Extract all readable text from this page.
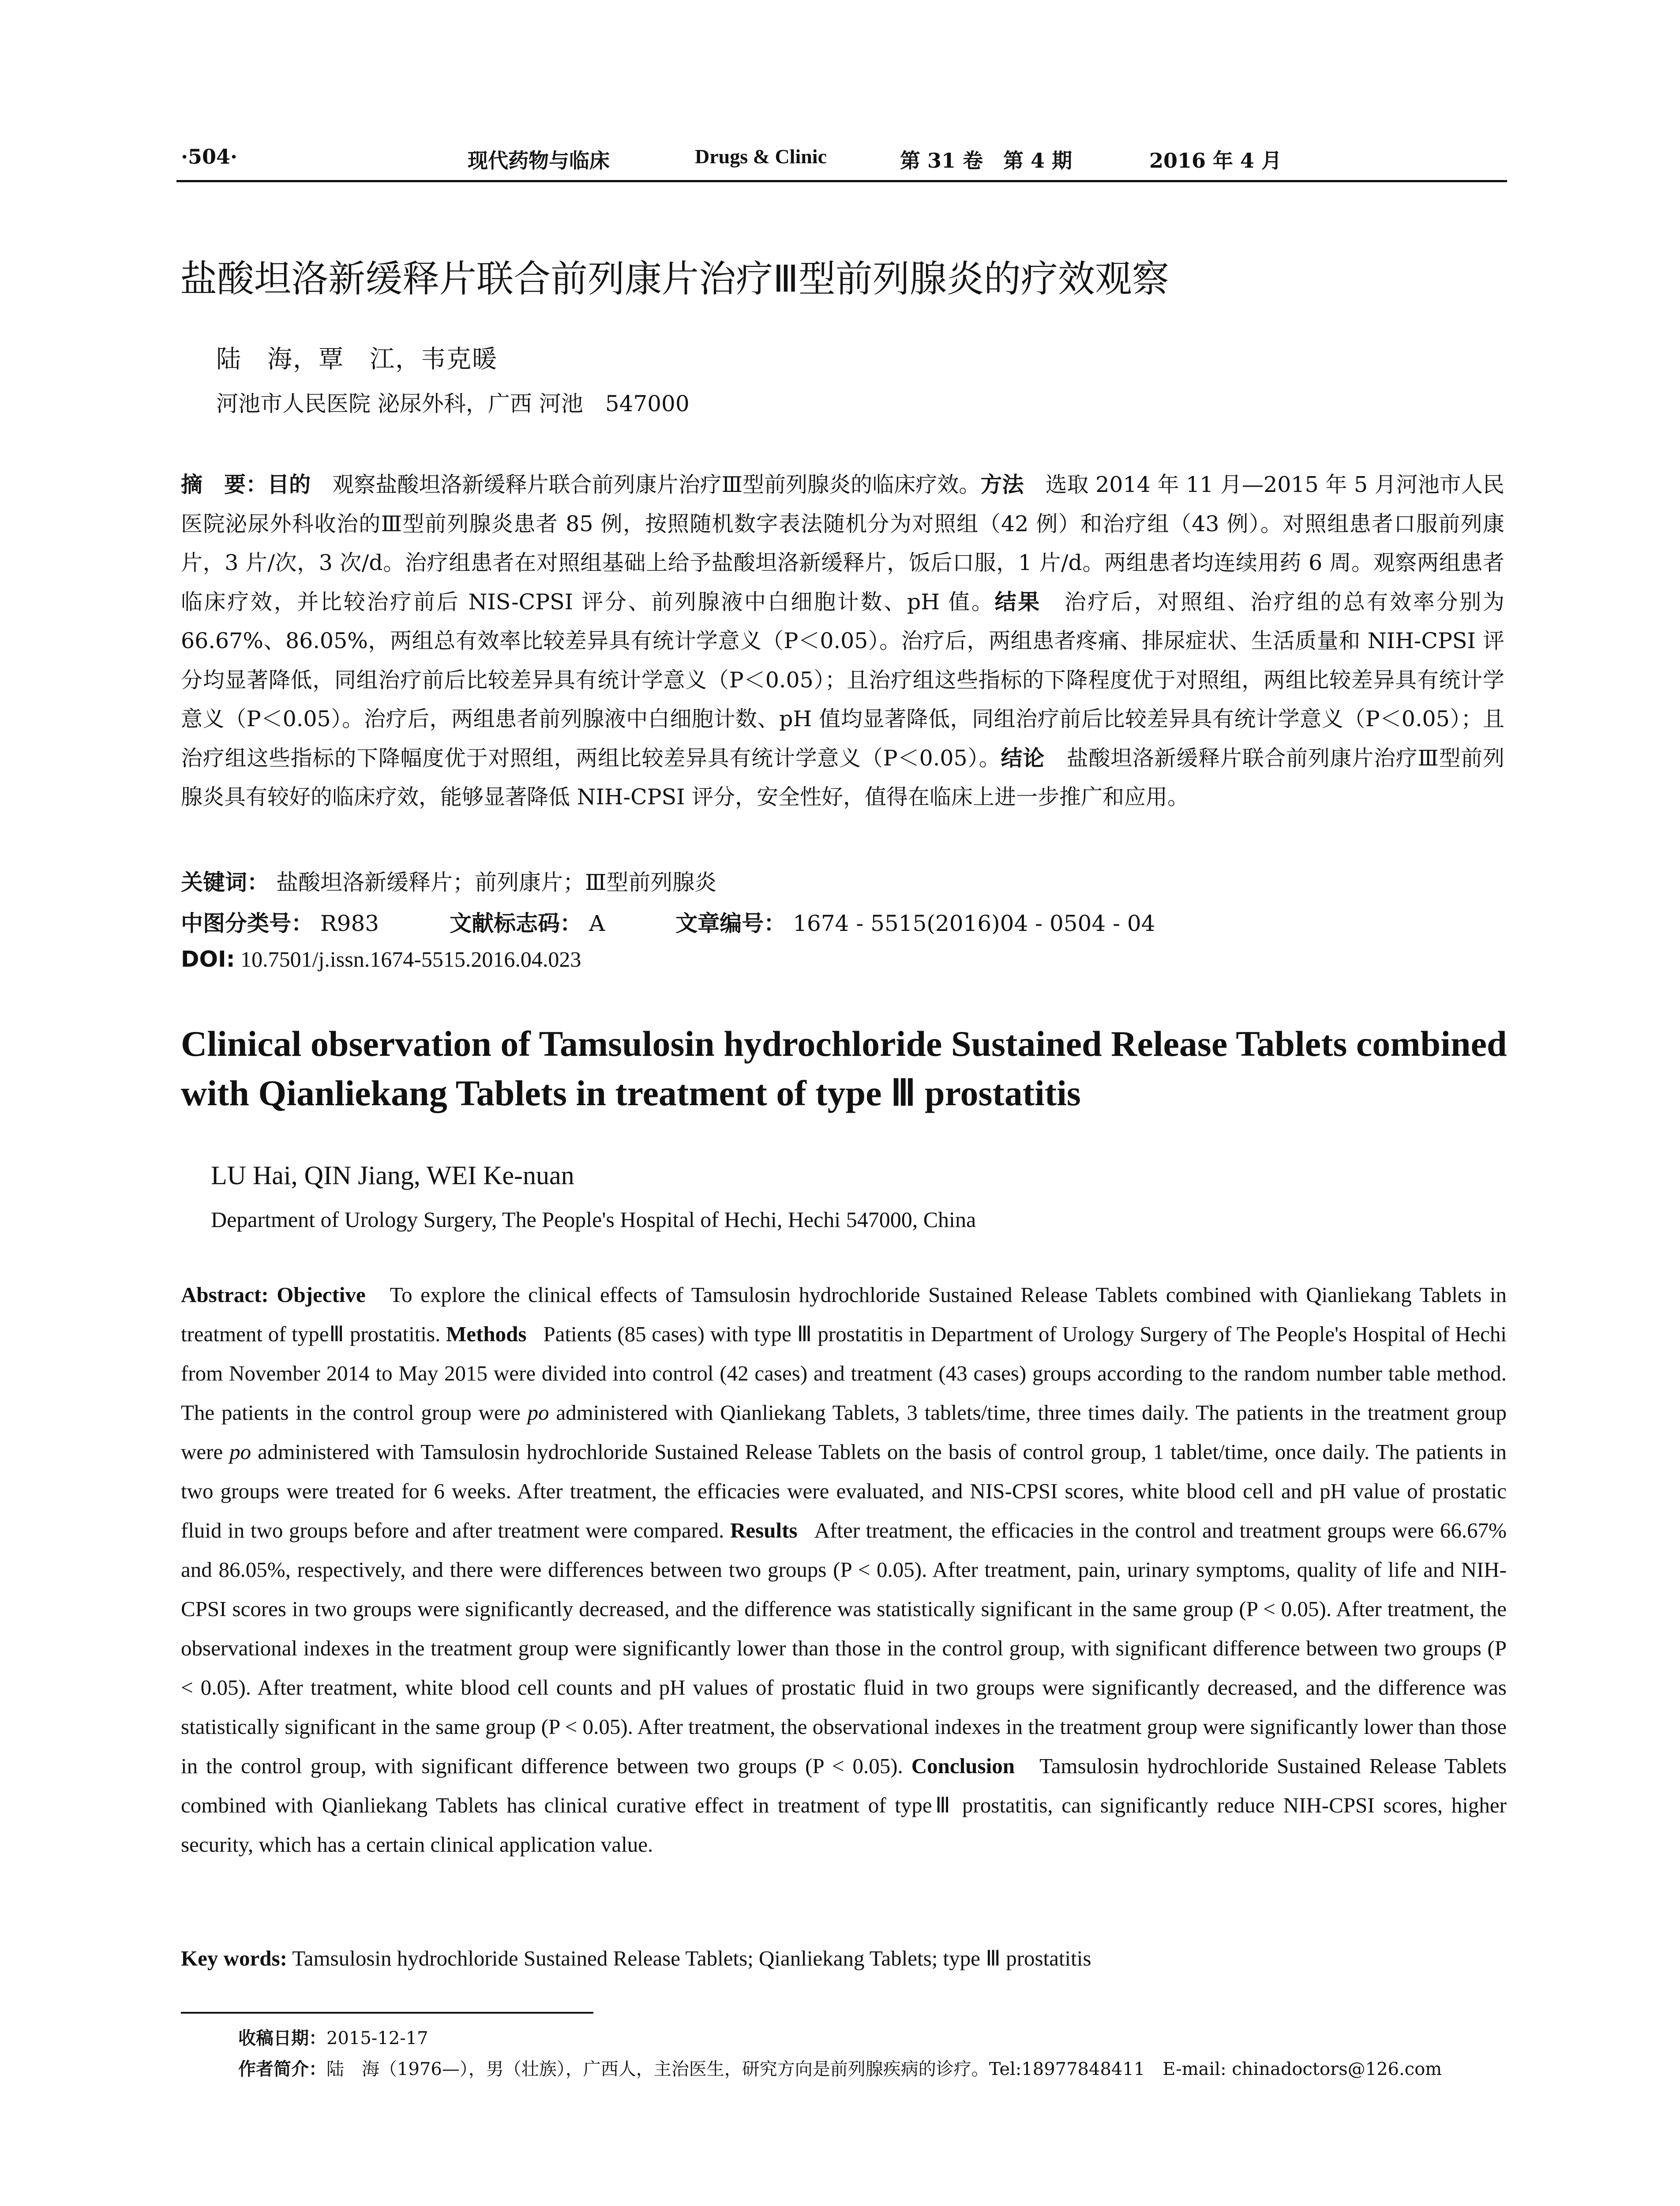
·504·	现代药物与临床	Drugs & Clinic	第 31 卷　第 4 期	2016 年 4 月
盐酸坦洛新缓释片联合前列康片治疗Ⅲ型前列腺炎的疗效观察
陆　海，覃　江，韦克暖
河池市人民医院 泌尿外科，广西 河池　547000
摘　要：目的　 观察盐酸坦洛新缓释片联合前列康片治疗Ⅲ型前列腺炎的临床疗效。方法　 选取 2014 年 11 月—2015 年 5 月河池市人民医院泌尿外科收治的Ⅲ型前列腺炎患者 85 例，按照随机数字表法随机分为对照组（42 例）和治疗组（43 例）。对照组患者口服前列康片，3 片/次，3 次/d。治疗组患者在对照组基础上给予盐酸坦洛新缓释片，饭后口服，1 片/d。两组患者均连续用药 6 周。观察两组患者临床疗效，并比较治疗前后 NIS-CPSI 评分、前列腺液中白细胞计数、pH 值。结果　 治疗后，对照组、治疗组的总有效率分别为 66.67%、86.05%，两组总有效率比较差异具有统计学意义（P＜0.05）。治疗后，两组患者疼痛、排尿症状、生活质量和 NIH-CPSI 评分均显著降低，同组治疗前后比较差异具有统计学意义（P＜0.05）；且治疗组这些指标的下降程度优于对照组，两组比较差异具有统计学意义（P＜0.05）。治疗后，两组患者前列腺液中白细胞计数、pH 值均显著降低，同组治疗前后比较差异具有统计学意义（P＜0.05）；且治疗组这些指标的下降幅度优于对照组，两组比较差异具有统计学意义（P＜0.05）。结论　 盐酸坦洛新缓释片联合前列康片治疗Ⅲ型前列腺炎具有较好的临床疗效，能够显著降低 NIH-CPSI 评分，安全性好，值得在临床上进一步推广和应用。
关键词： 盐酸坦洛新缓释片；前列康片；Ⅲ型前列腺炎
中图分类号： R983	文献标志码： A	文章编号： 1674 - 5515(2016)04 - 0504 - 04
DOI: 10.7501/j.issn.1674-5515.2016.04.023
Clinical observation of Tamsulosin hydrochloride Sustained Release Tablets combined with Qianliekang Tablets in treatment of type Ⅲ prostatitis
LU Hai, QIN Jiang, WEI Ke-nuan
Department of Urology Surgery, The People's Hospital of Hechi, Hechi 547000, China
Abstract: Objective To explore the clinical effects of Tamsulosin hydrochloride Sustained Release Tablets combined with Qianliekang Tablets in treatment of typeⅢ prostatitis. Methods Patients (85 cases) with type Ⅲ prostatitis in Department of Urology Surgery of The People's Hospital of Hechi from November 2014 to May 2015 were divided into control (42 cases) and treatment (43 cases) groups according to the random number table method. The patients in the control group were po administered with Qianliekang Tablets, 3 tablets/time, three times daily. The patients in the treatment group were po administered with Tamsulosin hydrochloride Sustained Release Tablets on the basis of control group, 1 tablet/time, once daily. The patients in two groups were treated for 6 weeks. After treatment, the efficacies were evaluated, and NIS-CPSI scores, white blood cell and pH value of prostatic fluid in two groups before and after treatment were compared. Results After treatment, the efficacies in the control and treatment groups were 66.67% and 86.05%, respectively, and there were differences between two groups (P < 0.05). After treatment, pain, urinary symptoms, quality of life and NIH-CPSI scores in two groups were significantly decreased, and the difference was statistically significant in the same group (P < 0.05). After treatment, the observational indexes in the treatment group were significantly lower than those in the control group, with significant difference between two groups (P < 0.05). After treatment, white blood cell counts and pH values of prostatic fluid in two groups were significantly decreased, and the difference was statistically significant in the same group (P < 0.05). After treatment, the observational indexes in the treatment group were significantly lower than those in the control group, with significant difference between two groups (P < 0.05). Conclusion Tamsulosin hydrochloride Sustained Release Tablets combined with Qianliekang Tablets has clinical curative effect in treatment of typeⅢ prostatitis, can significantly reduce NIH-CPSI scores, higher security, which has a certain clinical application value.
Key words: Tamsulosin hydrochloride Sustained Release Tablets; Qianliekang Tablets; type Ⅲ prostatitis
收稿日期：2015-12-17
作者简介：陆　海（1976—），男（壮族），广西人，主治医生，研究方向是前列腺疾病的诊疗。Tel:18977848411　E-mail: chinadoctors@126.com
